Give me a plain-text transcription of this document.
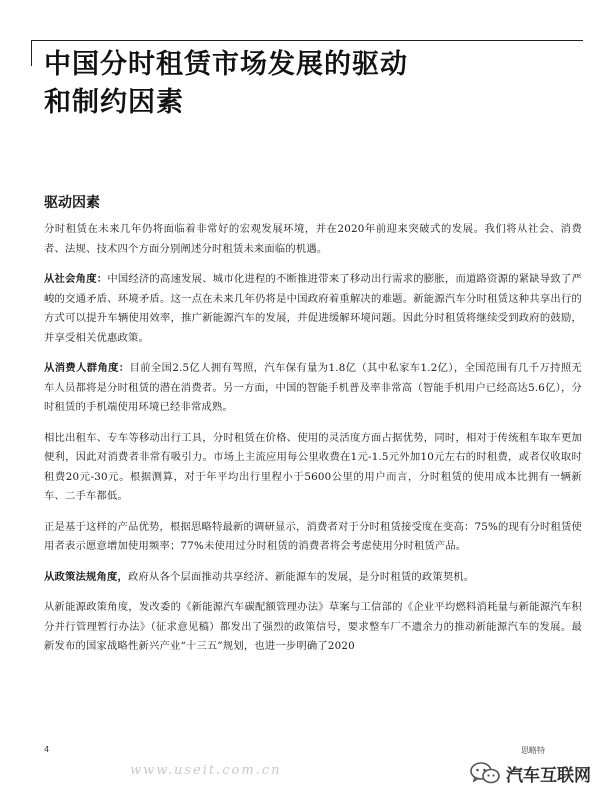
中国分时租赁市场发展的驱动
和制约因素
驱动因素

分时租赁在未来几年仍将面临着非常好的宏观发展环境，并在2020年前迎来突破式的发展。我们将从社会、消费者、法规、技术四个方面分别阐述分时租赁未来面临的机遇。

从社会角度：中国经济的高速发展、城市化进程的不断推进带来了移动出行需求的膨胀，而道路资源的紧缺导致了严峻的交通矛盾、环境矛盾。这一点在未来几年仍将是中国政府着重解决的难题。新能源汽车分时租赁这种共享出行的方式可以提升车辆使用效率，推广新能源汽车的发展，并促进缓解环境问题。因此分时租赁将继续受到政府的鼓励，并享受相关优惠政策。

从消费人群角度：目前全国2.5亿人拥有驾照，汽车保有量为1.8亿（其中私家车1.2亿），全国范围有几千万持照无车人员都将是分时租赁的潜在消费者。另一方面，中国的智能手机普及率非常高（智能手机用户已经高达5.6亿），分时租赁的手机端使用环境已经非常成熟。

相比出租车、专车等移动出行工具，分时租赁在价格、使用的灵活度方面占据优势，同时，相对于传统租车取车更加便利，因此对消费者非常有吸引力。市场上主流应用每公里收费在1元-1.5元外加10元左右的时租费，或者仅收取时租费20元-30元。根据测算，对于年平均出行里程小于5600公里的用户而言，分时租赁的使用成本比拥有一辆新车、二手车都低。

正是基于这样的产品优势，根据思略特最新的调研显示，消费者对于分时租赁接受度在变高：75%的现有分时租赁使用者表示愿意增加使用频率；77%未使用过分时租赁的消费者将会考虑使用分时租赁产品。

从政策法规角度，政府从各个层面推动共享经济、新能源车的发展，是分时租赁的政策契机。

从新能源政策角度，发改委的《新能源汽车碳配额管理办法》草案与工信部的《企业平均燃料消耗量与新能源汽车积分并行管理暂行办法》（征求意见稿）都发出了强烈的政策信号，要求整车厂不遗余力的推动新能源汽车的发展。最新发布的国家战略性新兴产业“十三五”规划，也进一步明确了2020

4	思略特
www.useit.com.cn	汽车互联网
